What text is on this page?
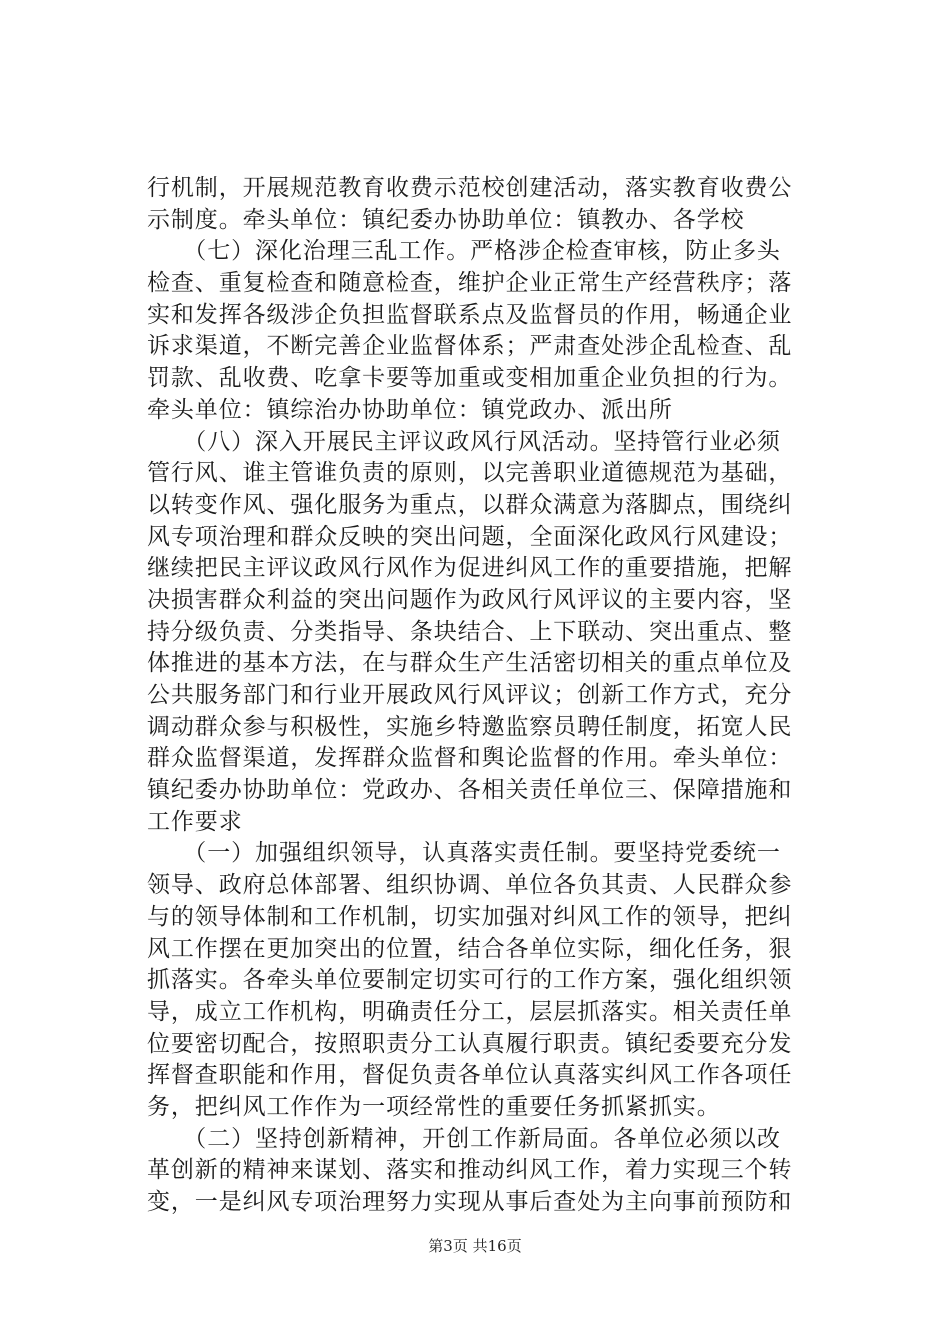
行机制，开展规范教育收费示范校创建活动，落实教育收费公
示制度。牵头单位：镇纪委办协助单位：镇教办、各学校
　　（七）深化治理三乱工作。严格涉企检查审核，防止多头
检查、重复检查和随意检查，维护企业正常生产经营秩序；落
实和发挥各级涉企负担监督联系点及监督员的作用，畅通企业
诉求渠道，不断完善企业监督体系；严肃查处涉企乱检查、乱
罚款、乱收费、吃拿卡要等加重或变相加重企业负担的行为。
牵头单位：镇综治办协助单位：镇党政办、派出所
　　（八）深入开展民主评议政风行风活动。坚持管行业必须
管行风、谁主管谁负责的原则，以完善职业道德规范为基础，
以转变作风、强化服务为重点，以群众满意为落脚点，围绕纠
风专项治理和群众反映的突出问题，全面深化政风行风建设；
继续把民主评议政风行风作为促进纠风工作的重要措施，把解
决损害群众利益的突出问题作为政风行风评议的主要内容，坚
持分级负责、分类指导、条块结合、上下联动、突出重点、整
体推进的基本方法，在与群众生产生活密切相关的重点单位及
公共服务部门和行业开展政风行风评议；创新工作方式，充分
调动群众参与积极性，实施乡特邀监察员聘任制度，拓宽人民
群众监督渠道，发挥群众监督和舆论监督的作用。牵头单位：
镇纪委办协助单位：党政办、各相关责任单位三、保障措施和
工作要求
　　（一）加强组织领导，认真落实责任制。要坚持党委统一
领导、政府总体部署、组织协调、单位各负其责、人民群众参
与的领导体制和工作机制，切实加强对纠风工作的领导，把纠
风工作摆在更加突出的位置，结合各单位实际，细化任务，狠
抓落实。各牵头单位要制定切实可行的工作方案，强化组织领
导，成立工作机构，明确责任分工，层层抓落实。相关责任单
位要密切配合，按照职责分工认真履行职责。镇纪委要充分发
挥督查职能和作用，督促负责各单位认真落实纠风工作各项任
务，把纠风工作作为一项经常性的重要任务抓紧抓实。
　　（二）坚持创新精神，开创工作新局面。各单位必须以改
革创新的精神来谋划、落实和推动纠风工作，着力实现三个转
变，一是纠风专项治理努力实现从事后查处为主向事前预防和
第3页 共16页
